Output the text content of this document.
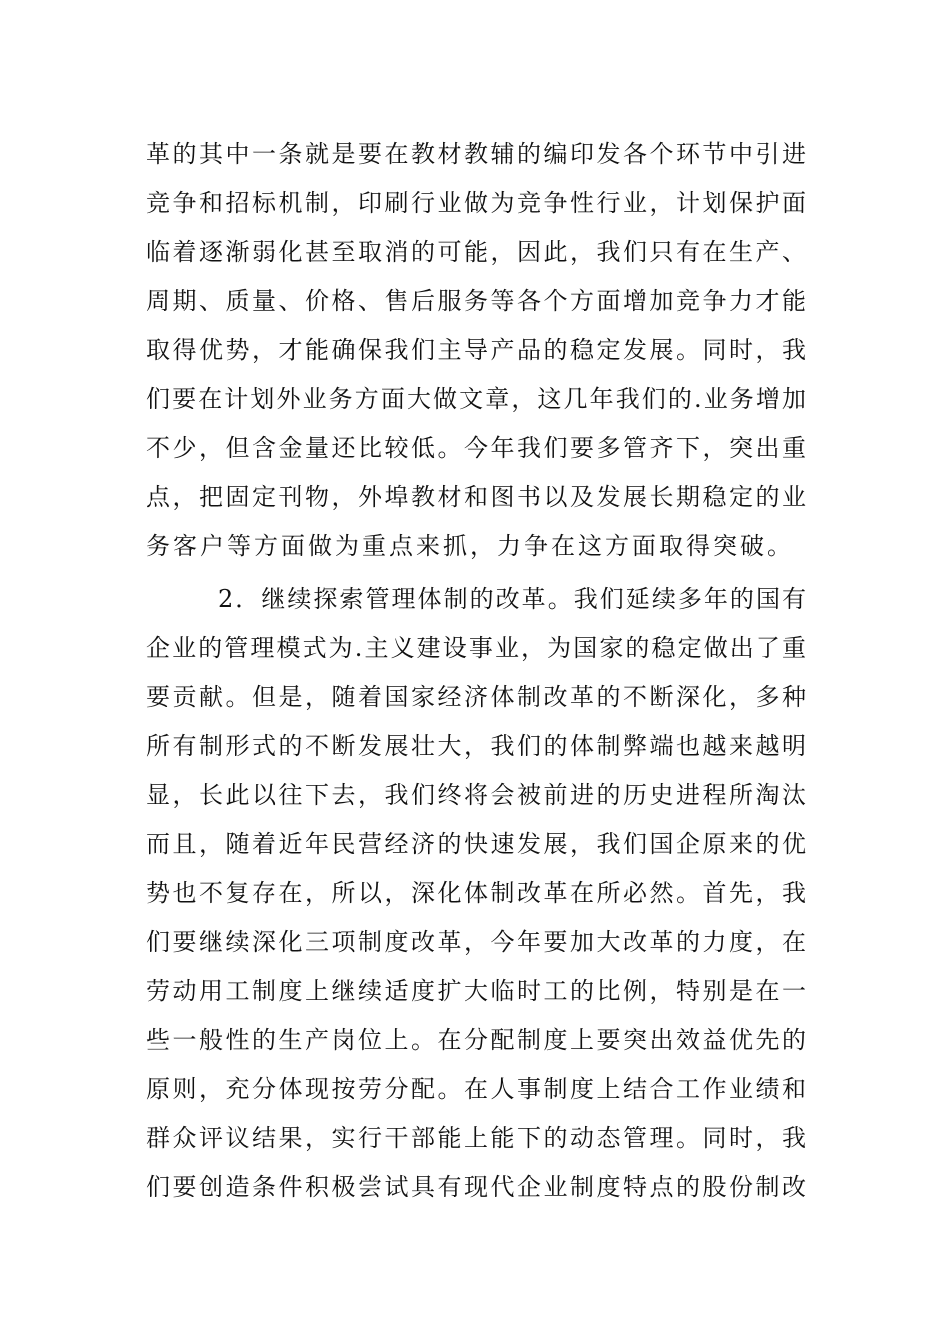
革的其中一条就是要在教材教辅的编印发各个环节中引进
竞争和招标机制，印刷行业做为竞争性行业，计划保护面
临着逐渐弱化甚至取消的可能，因此，我们只有在生产、
周期、质量、价格、售后服务等各个方面增加竞争力才能
取得优势，才能确保我们主导产品的稳定发展。同时，我
们要在计划外业务方面大做文章，这几年我们的.业务增加
不少，但含金量还比较低。今年我们要多管齐下，突出重
点，把固定刊物，外埠教材和图书以及发展长期稳定的业
务客户等方面做为重点来抓，力争在这方面取得突破。
2．继续探索管理体制的改革。我们延续多年的国有
企业的管理模式为.主义建设事业，为国家的稳定做出了重
要贡献。但是，随着国家经济体制改革的不断深化，多种
所有制形式的不断发展壮大，我们的体制弊端也越来越明
显，长此以往下去，我们终将会被前进的历史进程所淘汰
而且，随着近年民营经济的快速发展，我们国企原来的优
势也不复存在，所以，深化体制改革在所必然。首先，我
们要继续深化三项制度改革，今年要加大改革的力度，在
劳动用工制度上继续适度扩大临时工的比例，特别是在一
些一般性的生产岗位上。在分配制度上要突出效益优先的
原则，充分体现按劳分配。在人事制度上结合工作业绩和
群众评议结果，实行干部能上能下的动态管理。同时，我
们要创造条件积极尝试具有现代企业制度特点的股份制改
